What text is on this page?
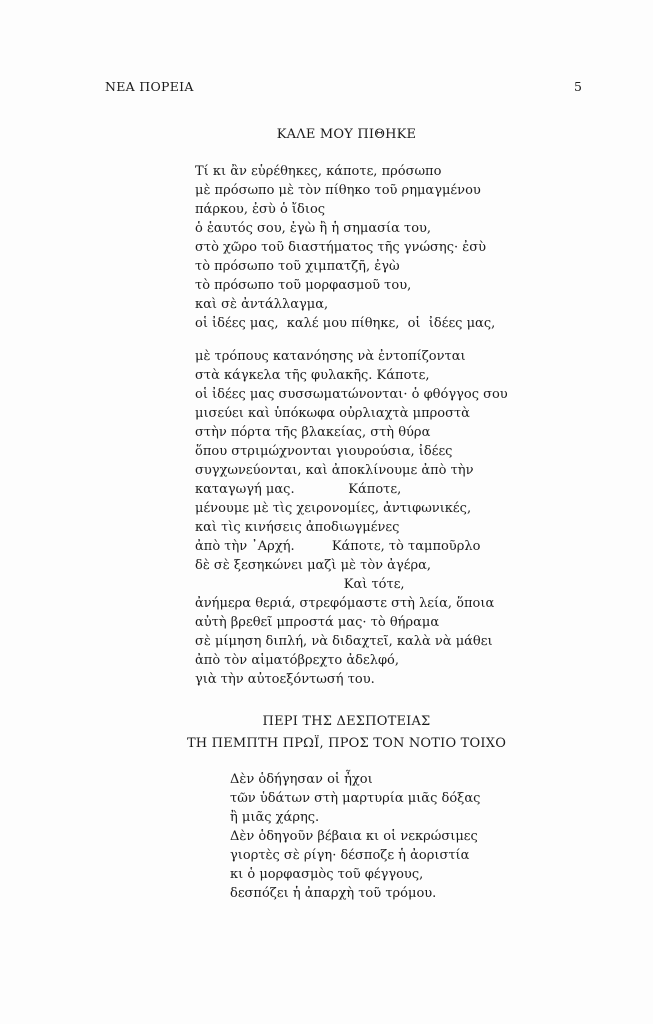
ΝΕΑ ΠΟΡΕΙΑ	5
ΚΑΛΕ ΜΟΥ ΠΙΘΗΚΕ
Τί κι ἂν εὑρέθηκες, κάποτε, πρόσωπο
μὲ πρόσωπο μὲ τὸν πίθηκο τοῦ ρημαγμένου
πάρκου, ἐσὺ ὁ ἴδιος
ὁ ἑαυτός σου, ἐγὼ ἢ ἡ σημασία του,
στὸ χῶρο τοῦ διαστήματος τῆς γνώσης· ἐσὺ
τὸ πρόσωπο τοῦ χιμπατζῆ, ἐγὼ
τὸ πρόσωπο τοῦ μορφασμοῦ του,
καὶ σὲ ἀντάλλαγμα,
οἱ ἰδέες μας,  καλέ μου πίθηκε,  οἱ  ἰδέες μας,
μὲ τρόπους κατανόησης νὰ ἐντοπίζονται
στὰ κάγκελα τῆς φυλακῆς. Κάποτε,
οἱ ἰδέες μας συσσωματώνονται· ὁ φθόγγος σου
μισεύει καὶ ὑπόκωφα οὐρλιαχτὰ μπροστὰ
στὴν πόρτα τῆς βλακείας, στὴ θύρα
ὅπου στριμώχνονται γιουρούσια, ἰδέες
συγχωνεύονται, καὶ ἀποκλίνουμε ἀπὸ τὴν
καταγωγή μας.             Κάποτε,
μένουμε μὲ τὶς χειρονομίες, ἀντιφωνικές,
καὶ τὶς κινήσεις ἀποδιωγμένες
ἀπὸ τὴν ᾿Αρχή.         Κάποτε, τὸ ταμποῦρλο
δὲ σὲ ξεσηκώνει μαζὶ μὲ τὸν ἀγέρα,
Καὶ τότε,
ἀνήμερα θεριά, στρεφόμαστε στὴ λεία, ὅποια
αὐτὴ βρεθεῖ μπροστά μας· τὸ θήραμα
σὲ μίμηση διπλή, νὰ διδαχτεῖ, καλὰ νὰ μάθει
ἀπὸ τὸν αἱματόβρεχτο ἀδελφό,
γιὰ τὴν αὐτοεξόντωσή του.
ΠΕΡΙ ΤΗΣ ΔΕΣΠΟΤΕΙΑΣ
ΤΗ ΠΕΜΠΤΗ ΠΡΩΪ, ΠΡΟΣ ΤΟΝ ΝΟΤΙΟ ΤΟΙΧΟ
Δὲν ὁδήγησαν οἱ ἦχοι
τῶν ὑδάτων στὴ μαρτυρία μιᾶς δόξας
ἢ μιᾶς χάρης.
Δὲν ὁδηγοῦν βέβαια κι οἱ νεκρώσιμες
γιορτὲς σὲ ρίγη· δέσποζε ἡ ἀοριστία
κι ὁ μορφασμὸς τοῦ φέγγους,
δεσπόζει ἡ ἀπαρχὴ τοῦ τρόμου.
